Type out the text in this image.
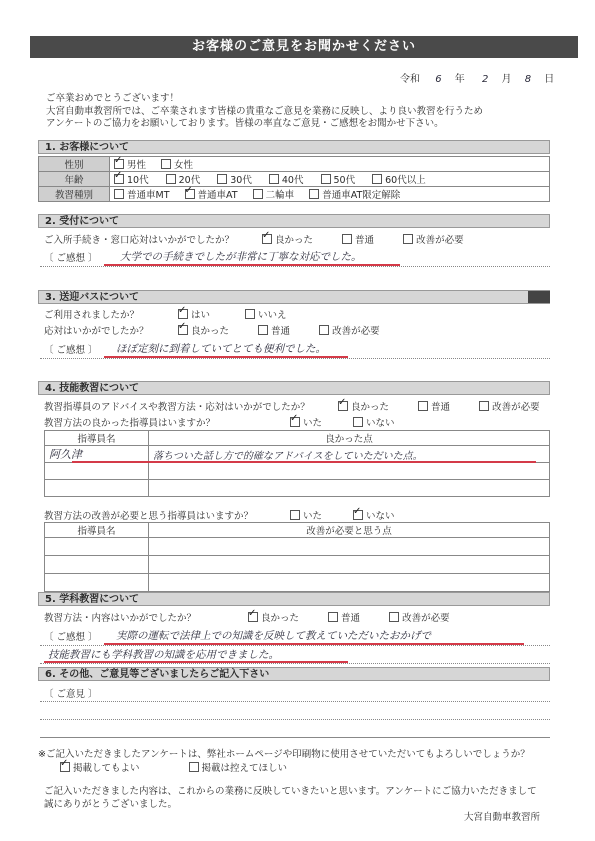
お客様のご意見をお聞かせください
令和 6 年 2 月 8 日
ご卒業おめでとうございます！
大宮自動車教習所では、ご卒業されます皆様の貴重なご意見を業務に反映し、より良い教習を行うため
アンケートのご協力をお願いしております。皆様の率直なご意見・ご感想をお聞かせ下さい。
1. お客様について
性別	✓男性 女性
年齢	✓10代 20代 30代 40代 50代 60代以上
教習種別	普通車MT ✓ 普通車AT 二輪車 普通車AT限定解除
2. 受付について
ご入所手続き・窓口応対はいかがでしたか？ ✓	良かった	普通	改善が必要
〔 ご感想 〕 大学での手続きでしたが非常に丁寧な対応でした。
3. 送迎バスについて
ご利用されましたか？ ✓	はい	いいえ
応対はいかがでしたか？ ✓	良かった	普通	改善が必要
〔 ご感想 〕 ほぼ定刻に到着していてとても便利でした。
4. 技能教習について
教習指導員のアドバイスや教習方法・応対はいかがでしたか？ ✓	良かった	普通	改善が必要
教習方法の良かった指導員はいますか？ ✓	いた	いない
指導員名	良かった点
阿久津	落ちついた話し方で的確なアドバイスをしていただいた点。

教習方法の改善が必要と思う指導員はいますか？	いた ✓	いない
指導員名	改善が必要と思う点

5. 学科教習について
教習方法・内容はいかがでしたか？ ✓	良かった	普通	改善が必要
〔 ご感想 〕 実際の運転で法律上での知識を反映して教えていただいたおかげで
技能教習にも学科教習の知識を応用できました。
6. その他、ご意見等ございましたらご記入下さい
〔 ご意見 〕
※ご記入いただきましたアンケートは、弊社ホームページや印刷物に使用させていただいてもよろしいでしょうか？
✓掲載してもよい	掲載は控えてほしい
ご記入いただきました内容は、これからの業務に反映していきたいと思います。アンケートにご協力いただきまして
誠にありがとうございました。
大宮自動車教習所
